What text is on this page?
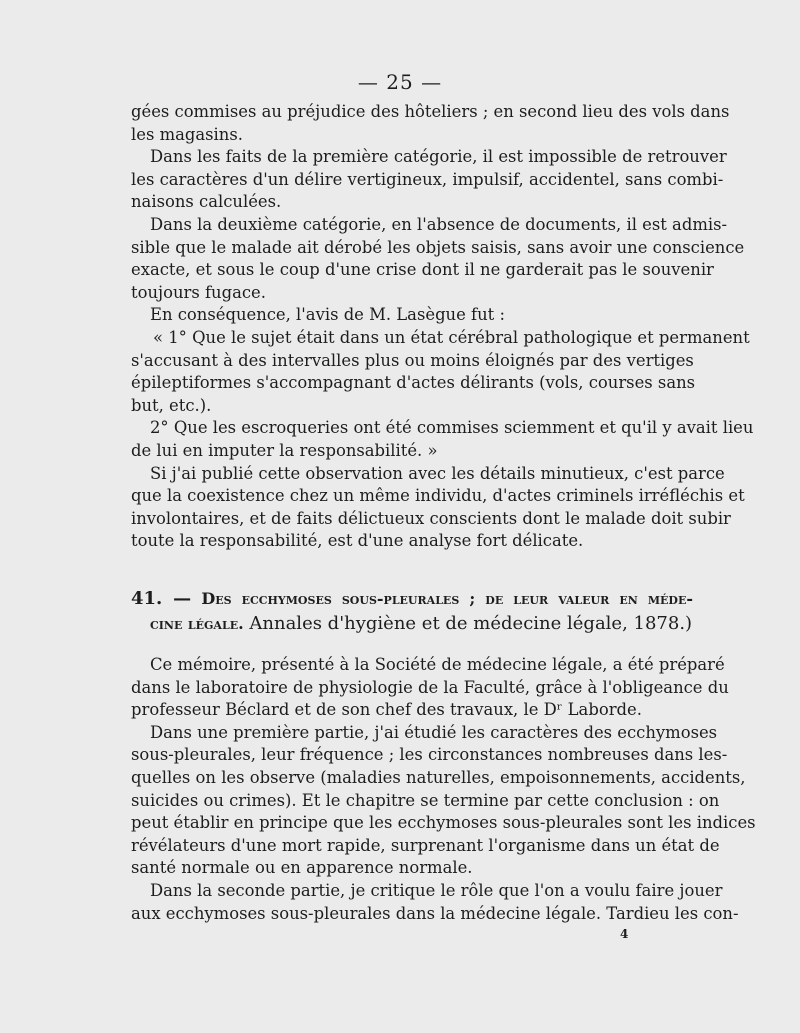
— 25 —
gées commises au préjudice des hôteliers ; en second lieu des vols dans
les magasins.
Dans les faits de la première catégorie, il est impossible de retrouver
les caractères d'un délire vertigineux, impulsif, accidentel, sans combi-
naisons calculées.
Dans la deuxième catégorie, en l'absence de documents, il est admis-
sible que le malade ait dérobé les objets saisis, sans avoir une conscience
exacte, et sous le coup d'une crise dont il ne garderait pas le souvenir
toujours fugace.
En conséquence, l'avis de M. Lasègue fut :
« 1° Que le sujet était dans un état cérébral pathologique et permanent
s'accusant à des intervalles plus ou moins éloignés par des vertiges
épileptiformes s'accompagnant d'actes délirants (vols, courses sans
but, etc.).
2° Que les escroqueries ont été commises sciemment et qu'il y avait lieu
de lui en imputer la responsabilité. »
Si j'ai publié cette observation avec les détails minutieux, c'est parce
que la coexistence chez un même individu, d'actes criminels irréfléchis et
involontaires, et de faits délictueux conscients dont le malade doit subir
toute la responsabilité, est d'une analyse fort délicate.
41. — Des ecchymoses sous-pleurales ; de leur valeur en méde-
cine légale. Annales d'hygiène et de médecine légale, 1878.)
Ce mémoire, présenté à la Société de médecine légale, a été préparé
dans le laboratoire de physiologie de la Faculté, grâce à l'obligeance du
professeur Béclard et de son chef des travaux, le Dʳ Laborde.
Dans une première partie, j'ai étudié les caractères des ecchymoses
sous-pleurales, leur fréquence ; les circonstances nombreuses dans les-
quelles on les observe (maladies naturelles, empoisonnements, accidents,
suicides ou crimes). Et le chapitre se termine par cette conclusion : on
peut établir en principe que les ecchymoses sous-pleurales sont les indices
révélateurs d'une mort rapide, surprenant l'organisme dans un état de
santé normale ou en apparence normale.
Dans la seconde partie, je critique le rôle que l'on a voulu faire jouer
aux ecchymoses sous-pleurales dans la médecine légale. Tardieu les con-
4
